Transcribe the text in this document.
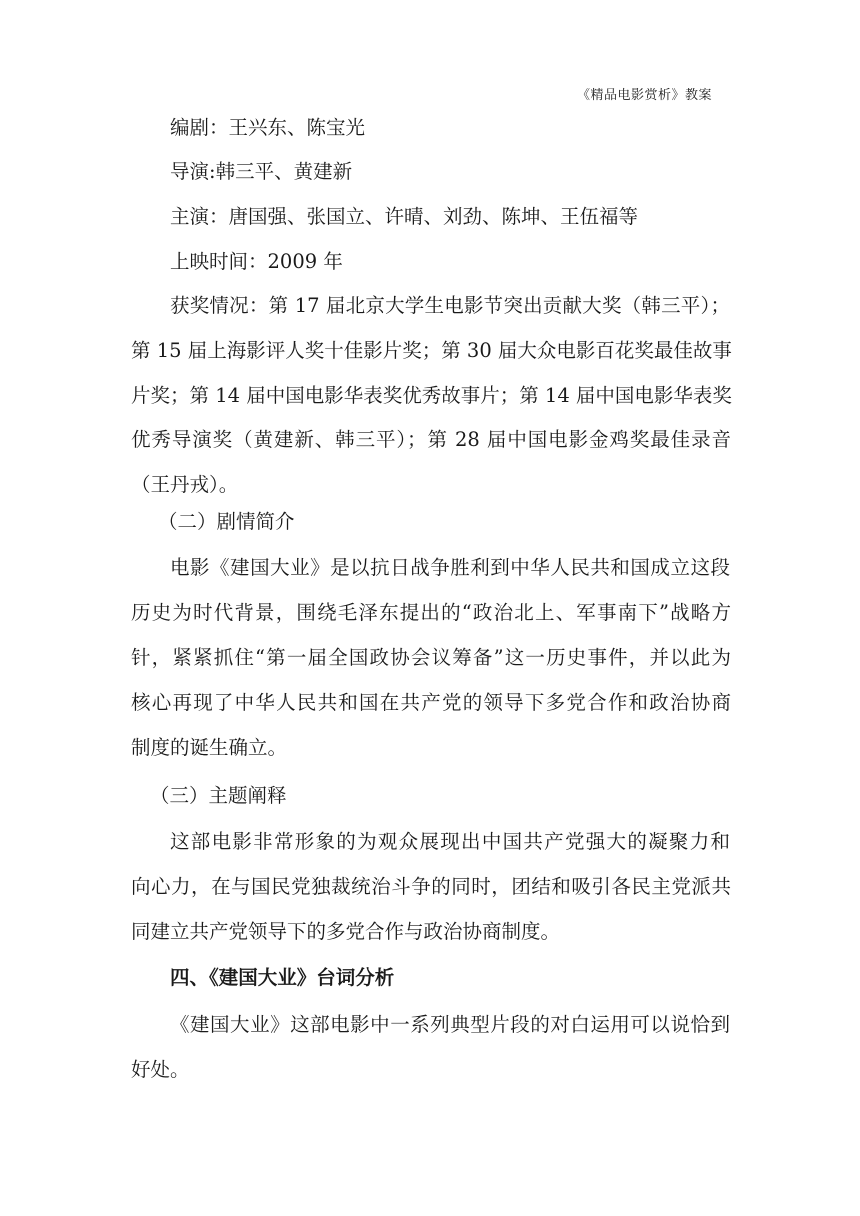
《精品电影赏析》教案
编剧：王兴东、陈宝光
导演:韩三平、黄建新
主演：唐国强、张国立、许晴、刘劲、陈坤、王伍福等
上映时间：2009 年
获奖情况：第 17 届北京大学生电影节突出贡献大奖（韩三平）；
第 15 届上海影评人奖十佳影片奖；第 30 届大众电影百花奖最佳故事
片奖；第 14 届中国电影华表奖优秀故事片；第 14 届中国电影华表奖
优秀导演奖（黄建新、韩三平）；第 28 届中国电影金鸡奖最佳录音
（王丹戎）。
（二）剧情简介
电影《建国大业》是以抗日战争胜利到中华人民共和国成立这段
历史为时代背景，围绕毛泽东提出的“政治北上、军事南下”战略方
针，紧紧抓住“第一届全国政协会议筹备”这一历史事件，并以此为
核心再现了中华人民共和国在共产党的领导下多党合作和政治协商
制度的诞生确立。
（三）主题阐释
这部电影非常形象的为观众展现出中国共产党强大的凝聚力和
向心力，在与国民党独裁统治斗争的同时，团结和吸引各民主党派共
同建立共产党领导下的多党合作与政治协商制度。
四、《建国大业》台词分析
《建国大业》这部电影中一系列典型片段的对白运用可以说恰到
好处。
